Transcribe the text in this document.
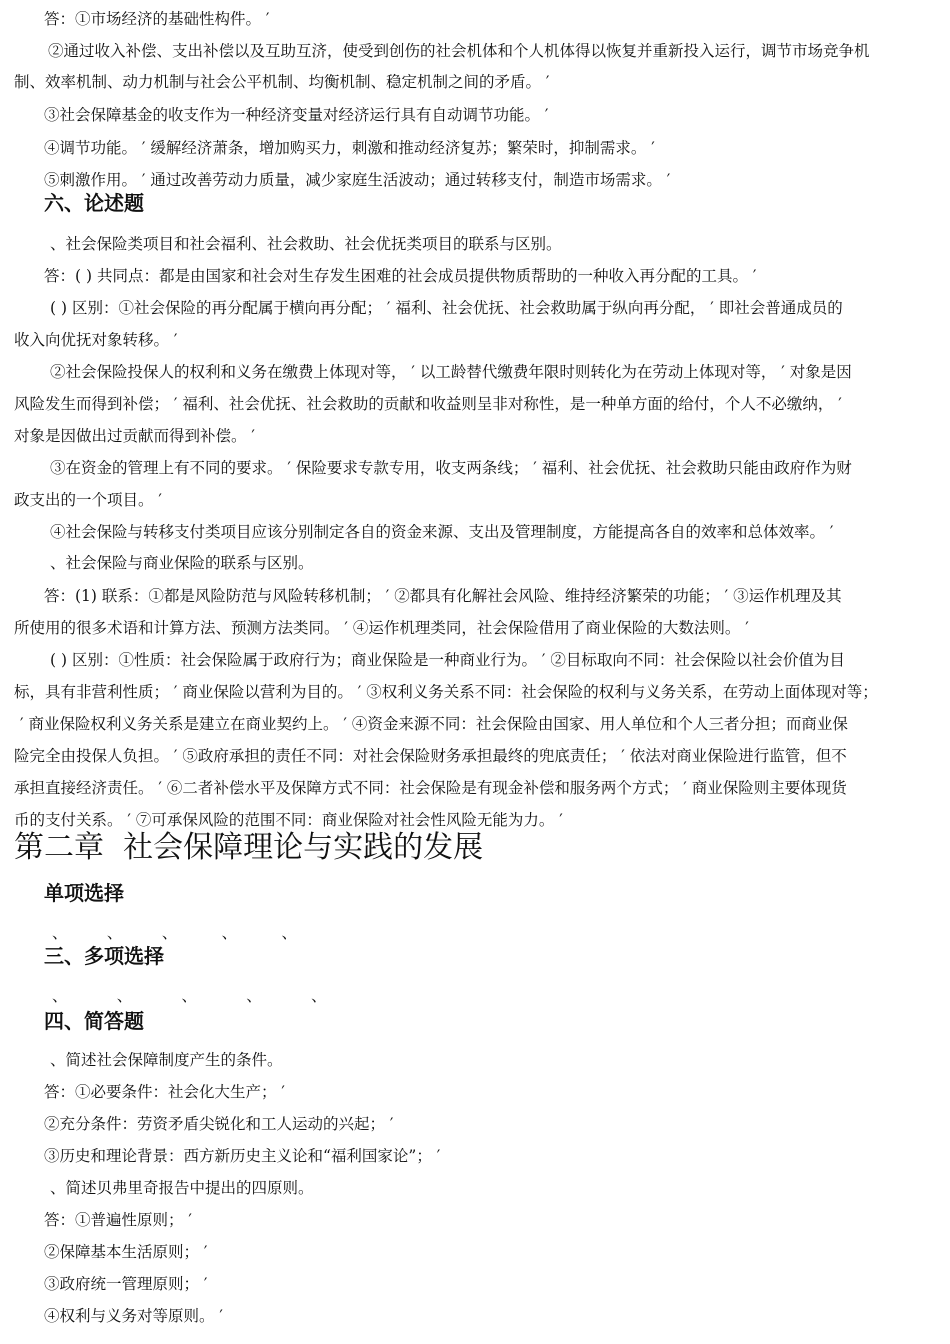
答：①市场经济的基础性构件。 ′
②通过收入补偿、支出补偿以及互助互济，使受到创伤的社会机体和个人机体得以恢复并重新投入运行，调节市场竞争机
制、效率机制、动力机制与社会公平机制、均衡机制、稳定机制之间的矛盾。 ′
③社会保障基金的收支作为一种经济变量对经济运行具有自动调节功能。 ′
④调节功能。 ′ 缓解经济萧条，增加购买力，刺激和推动经济复苏；繁荣时，抑制需求。 ′
⑤刺激作用。 ′ 通过改善劳动力质量，减少家庭生活波动；通过转移支付，制造市场需求。 ′
、社会保险类项目和社会福利、社会救助、社会优抚类项目的联系与区别。
答：( ) 共同点：都是由国家和社会对生存发生困难的社会成员提供物质帮助的一种收入再分配的工具。 ′
( ) 区别：①社会保险的再分配属于横向再分配； ′ 福利、社会优抚、社会救助属于纵向再分配， ′ 即社会普通成员的
收入向优抚对象转移。 ′
②社会保险投保人的权利和义务在缴费上体现对等， ′ 以工龄替代缴费年限时则转化为在劳动上体现对等， ′ 对象是因
风险发生而得到补偿； ′ 福利、社会优抚、社会救助的贡献和收益则呈非对称性，是一种单方面的给付，个人不必缴纳， ′
对象是因做出过贡献而得到补偿。 ′
③在资金的管理上有不同的要求。 ′ 保险要求专款专用，收支两条线； ′ 福利、社会优抚、社会救助只能由政府作为财
政支出的一个项目。 ′
④社会保险与转移支付类项目应该分别制定各自的资金来源、支出及管理制度，方能提高各自的效率和总体效率。 ′
、社会保险与商业保险的联系与区别。
答：(1) 联系：①都是风险防范与风险转移机制； ′ ②都具有化解社会风险、维持经济繁荣的功能； ′ ③运作机理及其
所使用的很多术语和计算方法、预测方法类同。 ′ ④运作机理类同，社会保险借用了商业保险的大数法则。 ′
( ) 区别：①性质：社会保险属于政府行为；商业保险是一种商业行为。 ′ ②目标取向不同：社会保险以社会价值为目
标，具有非营利性质； ′ 商业保险以营利为目的。 ′ ③权利义务关系不同：社会保险的权利与义务关系，在劳动上面体现对等；
′ 商业保险权利义务关系是建立在商业契约上。 ′ ④资金来源不同：社会保险由国家、用人单位和个人三者分担；而商业保
险完全由投保人负担。 ′ ⑤政府承担的责任不同：对社会保险财务承担最终的兜底责任； ′ 依法对商业保险进行监管，但不
承担直接经济责任。 ′ ⑥二者补偿水平及保障方式不同：社会保险是有现金补偿和服务两个方式； ′ 商业保险则主要体现货
币的支付关系。 ′ ⑦可承保风险的范围不同：商业保险对社会性风险无能为力。 ′
、简述社会保障制度产生的条件。
答：①必要条件：社会化大生产； ′
②充分条件：劳资矛盾尖锐化和工人运动的兴起； ′
③历史和理论背景：西方新历史主义论和“福利国家论”； ′
、简述贝弗里奇报告中提出的四原则。
答：①普遍性原则； ′
②保障基本生活原则； ′
③政府统一管理原则； ′
④权利与义务对等原则。 ′
六、论述题
第二章  社会保障理论与实践的发展
单项选择
三、多项选择
四、简答题
、        、        、         、         、
、          、          、          、          、
